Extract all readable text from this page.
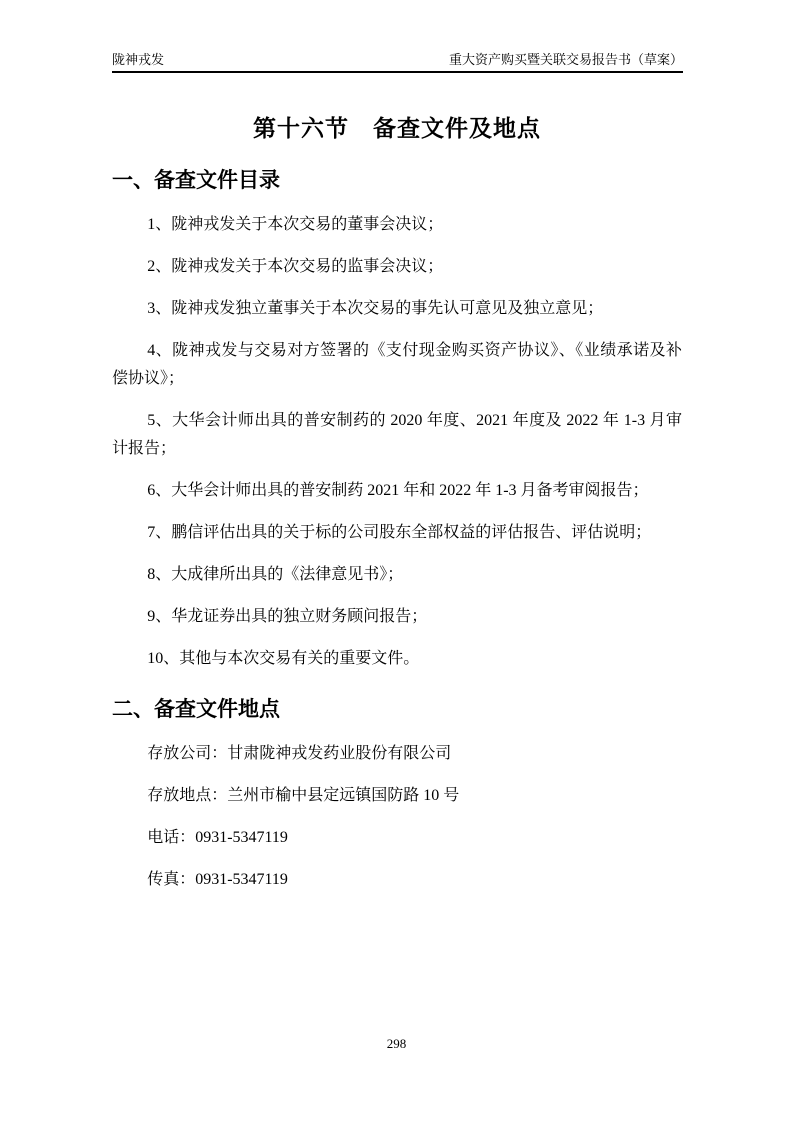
陇神戎发	重大资产购买暨关联交易报告书（草案）
第十六节　备查文件及地点
一、备查文件目录

1、陇神戎发关于本次交易的董事会决议；

2、陇神戎发关于本次交易的监事会决议；

3、陇神戎发独立董事关于本次交易的事先认可意见及独立意见；

4、陇神戎发与交易对方签署的《支付现金购买资产协议》、《业绩承诺及补偿协议》；

5、大华会计师出具的普安制药的 2020 年度、2021 年度及 2022 年 1-3 月审计报告；

6、大华会计师出具的普安制药 2021 年和 2022 年 1-3 月备考审阅报告；

7、鹏信评估出具的关于标的公司股东全部权益的评估报告、评估说明；

8、大成律所出具的《法律意见书》；

9、华龙证券出具的独立财务顾问报告；

10、其他与本次交易有关的重要文件。

二、备查文件地点

存放公司：甘肃陇神戎发药业股份有限公司

存放地点：兰州市榆中县定远镇国防路 10 号

电话：0931-5347119

传真：0931-5347119

298
